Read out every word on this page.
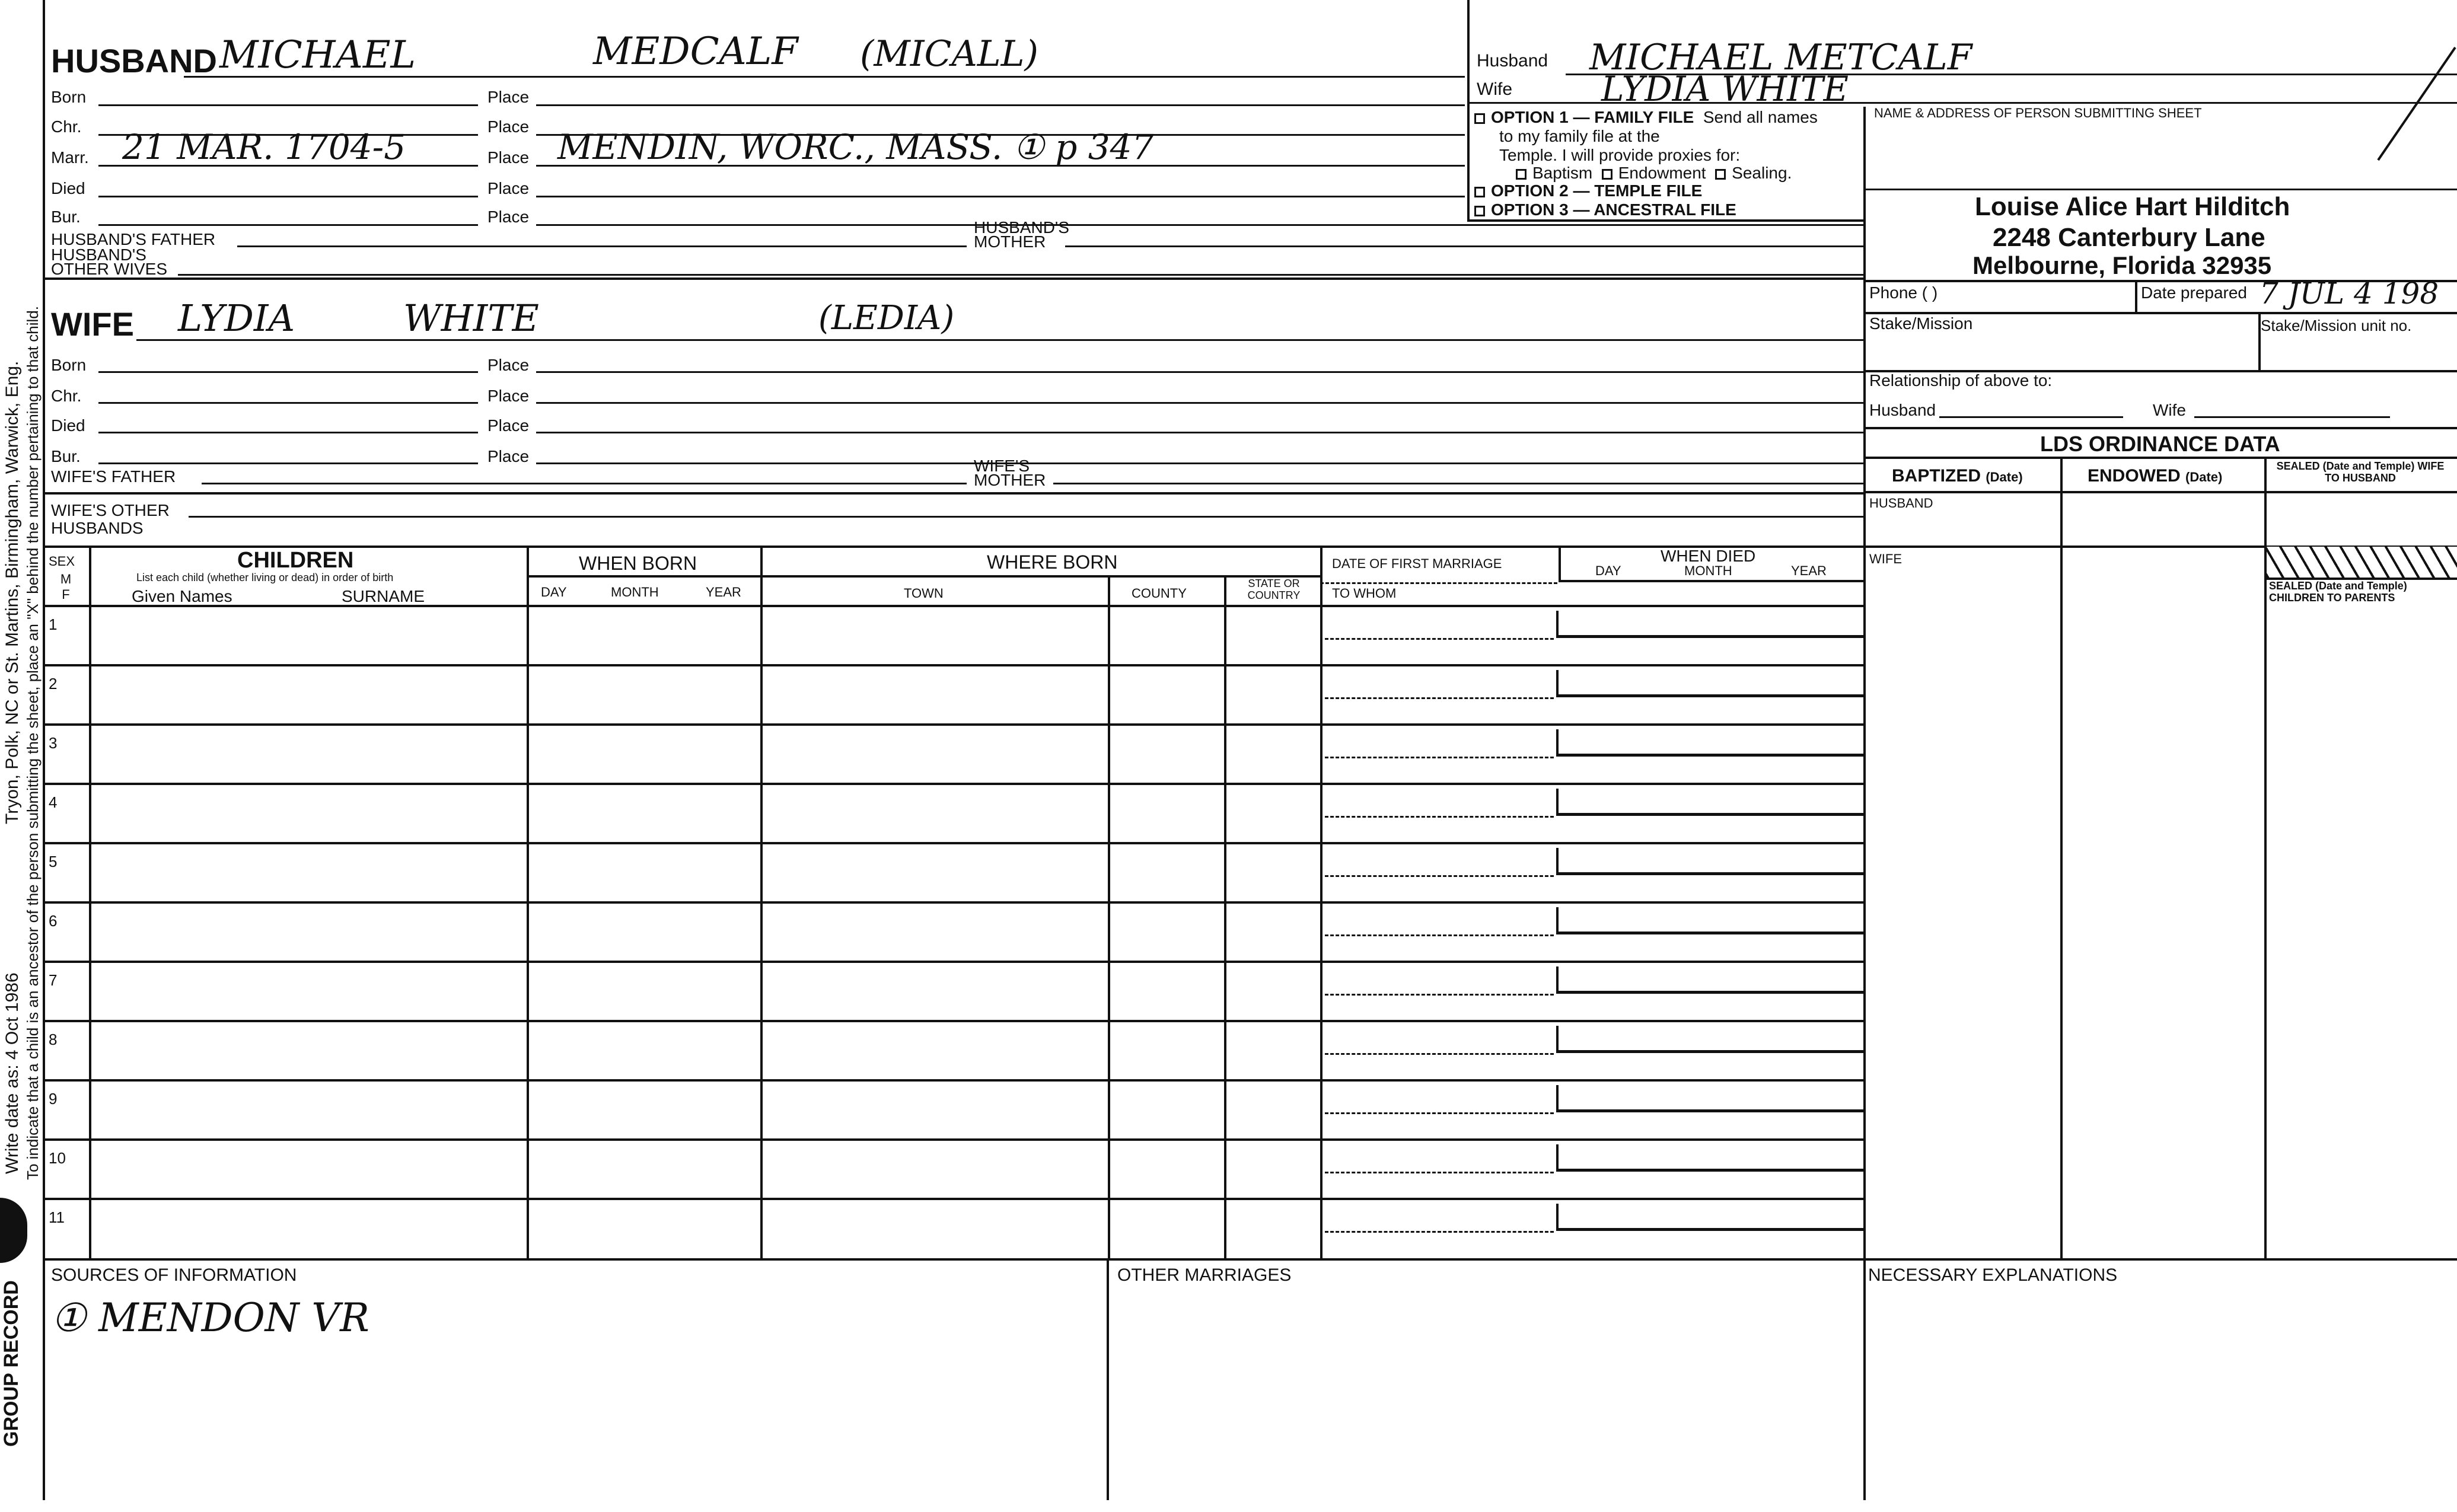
Tryon, Polk, NC or St. Martins, Birmingham, Warwick, Eng.
Write date as: 4 Oct 1986 To indicate that a child is an ancestor of the person submitting the sheet, place an "X" behind the number pertaining to that child.
GROUP RECORD
HUSBAND MICHAEL	MEDCALF (MICALL)
Born	Place
Chr.	Place
Marr. 21 MAR. 1704-5	Place MENDIN, WORC., MASS. ① p 347
Died	Place
Bur.	Place
HUSBAND'S FATHER
HUSBAND'S MOTHER
HUSBAND'S OTHER WIVES
Husband MICHAEL METCALF
Wife	LYDIA WHITE
OPTION 1 — FAMILY FILE Send all names
to my family file at the
Temple. I will provide proxies for:
Baptism Endowment Sealing.
OPTION 2 — TEMPLE FILE
OPTION 3 — ANCESTRAL FILE
NAME & ADDRESS OF PERSON SUBMITTING SHEET
Louise Alice Hart Hilditch
2248 Canterbury Lane
Melbourne, Florida 32935
Phone ( )	Date prepared 7 JUL 4 198
Stake/Mission	Stake/Mission unit no.
Relationship of above to:
Husband	Wife
LDS ORDINANCE DATA
BAPTIZED (Date)	ENDOWED (Date)
SEALED (Date and Temple) WIFE TO HUSBAND
HUSBAND
WIFE
SEALED (Date and Temple) CHILDREN TO PARENTS
WIFE LYDIA	WHITE	(LEDIA)
Born	Place
Chr.	Place
Died	Place
Bur.	Place
WIFE'S FATHER
WIFE'S MOTHER
WIFE'S OTHER HUSBANDS
SEX
M F
CHILDREN
List each child (whether living or dead) in order of birth
Given Names	SURNAME
WHEN BORN
DAY	MONTH	YEAR
WHERE BORN
TOWN	COUNTY
STATE OR COUNTRY
DATE OF FIRST MARRIAGE
TO WHOM
WHEN DIED
DAY	MONTH	YEAR
1
2
3
4
5
6
7
8
9
10
11
SOURCES OF INFORMATION
① MENDON VR
OTHER MARRIAGES	NECESSARY EXPLANATIONS
